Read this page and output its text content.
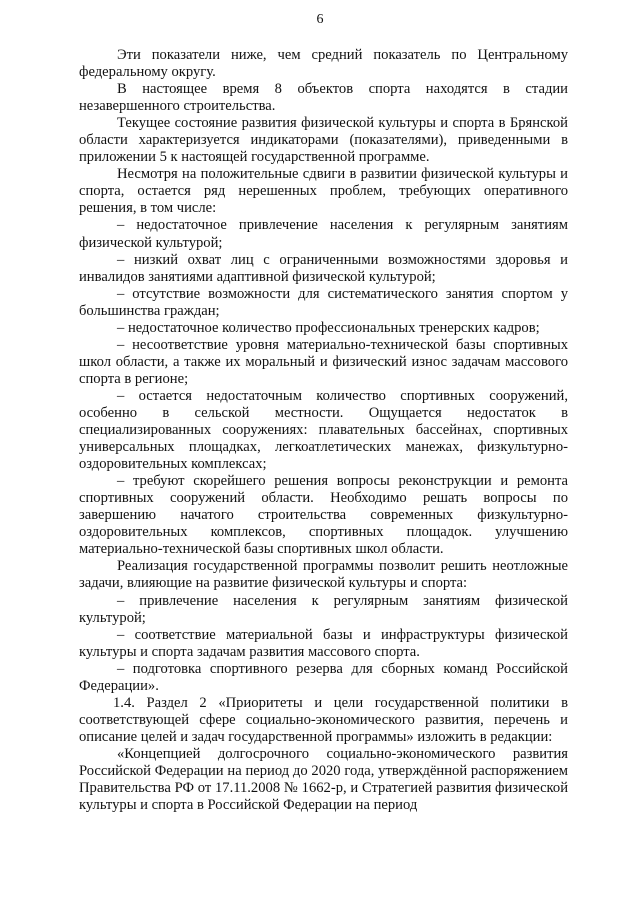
6

Эти показатели ниже, чем средний показатель по Центральному федеральному округу.

В настоящее время 8 объектов спорта находятся в стадии незавершенного строительства.

Текущее состояние развития физической культуры и спорта в Брянской области характеризуется индикаторами (показателями), приведенными в приложении 5 к настоящей государственной программе.

Несмотря на положительные сдвиги в развитии физической культуры и спорта, остается ряд нерешенных проблем, требующих оперативного решения, в том числе:

– недостаточное привлечение населения к регулярным занятиям физической культурой;

– низкий охват лиц с ограниченными возможностями здоровья и инвалидов занятиями адаптивной физической культурой;

– отсутствие возможности для систематического занятия спортом у большинства граждан;

– недостаточное количество профессиональных тренерских кадров;

– несоответствие уровня материально-технической базы спортивных школ области, а также их моральный и физический износ задачам массового спорта в регионе;

– остается недостаточным количество спортивных сооружений, особенно в сельской местности. Ощущается недостаток в специализированных сооружениях: плавательных бассейнах, спортивных универсальных площадках, легкоатлетических манежах, физкультурно-оздоровительных комплексах;

– требуют скорейшего решения вопросы реконструкции и ремонта спортивных сооружений области. Необходимо решать вопросы по завершению начатого строительства современных физкультурно-оздоровительных комплексов, спортивных площадок. улучшению материально-технической базы спортивных школ области.

Реализация государственной программы позволит решить неотложные задачи, влияющие на развитие физической культуры и спорта:

– привлечение населения к регулярным занятиям физической культурой;

– соответствие материальной базы и инфраструктуры физической культуры и спорта задачам развития массового спорта.

– подготовка спортивного резерва для сборных команд Российской Федерации».

1.4. Раздел 2 «Приоритеты и цели государственной политики в соответствующей сфере социально-экономического развития, перечень и описание целей и задач государственной программы» изложить в редакции:

«Концепцией долгосрочного социально-экономического развития Российской Федерации на период до 2020 года, утверждённой распоряжением Правительства РФ от 17.11.2008 № 1662-р, и Стратегией развития физической культуры и спорта в Российской Федерации на период
